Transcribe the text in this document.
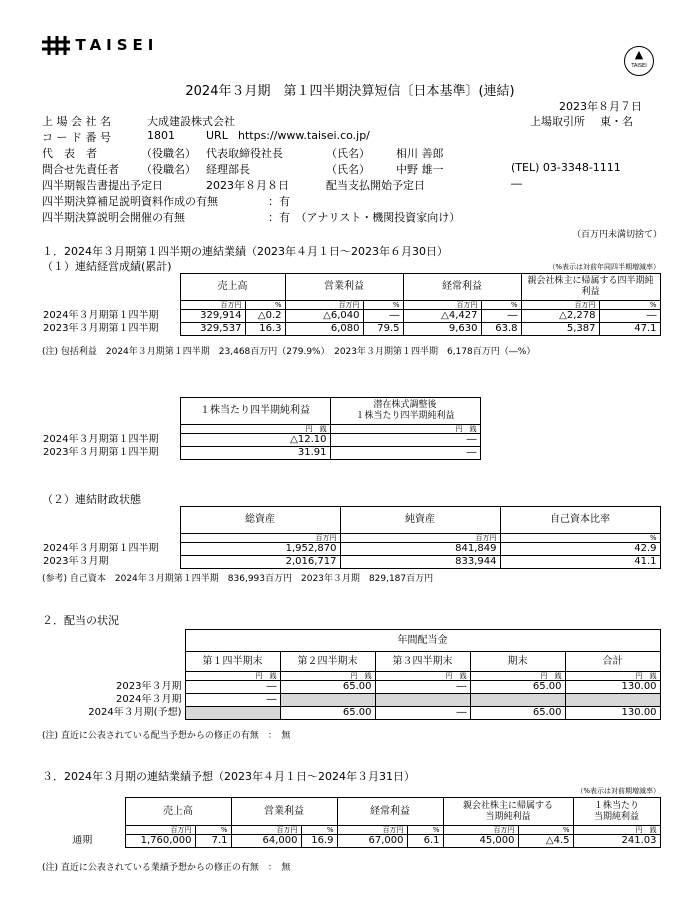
TAISEI
▲
TAISEI
2024年３月期　第１四半期決算短信〔日本基準〕(連結)
2023年８月７日
上 場 会 社 名	大成建設株式会社	上場取引所 東・名
コ ー ド 番 号	1801	URL https://www.taisei.co.jp/
代　表　者	（役職名） 代表取締役社長	（氏名） 相川 善郎
問合せ先責任者 （役職名） 経理部長	（氏名） 中野 雄一	(TEL) 03-3348-1111
四半期報告書提出予定日	2023年８月８日	配当支払開始予定日	―
四半期決算補足説明資料作成の有無	：有
四半期決算説明会開催の有無	：有　（アナリスト・機関投資家向け）
（百万円未満切捨て）
１．2024年３月期第１四半期の連結業績（2023年４月１日～2023年６月30日）
（１）連結経営成績(累計)	（%表示は対前年同四半期増減率）
	売上高		営業利益		経常利益		親会社株主に帰属する四半期純利益	
	百万円	%	百万円	%	百万円	%	百万円	%
2024年３月期第１四半期	329,914	△0.2	△6,040	―	△4,427	―	△2,278	―
2023年３月期第１四半期	329,537	16.3	6,080	79.5	9,630	63.8	5,387	47.1
(注) 包括利益　2024年３月期第１四半期　23,468百万円（279.9%）　2023年３月期第１四半期　6,178百万円（―%）
	１株当たり四半期純利益	潜在株式調整後
１株当たり四半期純利益
	円　銭	円　銭
2024年３月期第１四半期	△12.10	―
2023年３月期第１四半期	31.91	―
（２）連結財政状態
	総資産	純資産	自己資本比率
	百万円	百万円	%
2024年３月期第１四半期	1,952,870	841,849	42.9
2023年３月期	2,016,717	833,944	41.1
(参考) 自己資本　2024年３月期第１四半期　836,993百万円　2023年３月期　829,187百万円
２．配当の状況
	年間配当金				
	第１四半期末	第２四半期末	第３四半期末	期末	合計
	円　銭	円　銭	円　銭	円　銭	円　銭
2023年３月期	―	65.00	―	65.00	130.00
2024年３月期	―				
2024年３月期(予想)		65.00	―	65.00	130.00
(注) 直近に公表されている配当予想からの修正の有無　：　無
３．2024年３月期の連結業績予想（2023年４月１日～2024年３月31日）
（%表示は対前期増減率）
	売上高		営業利益		経常利益		親会社株主に帰属する
当期純利益		１株当たり
当期純利益
	百万円	%	百万円	%	百万円	%	百万円	%	円　銭
通期	1,760,000	7.1	64,000	16.9	67,000	6.1	45,000	△4.5	241.03
(注) 直近に公表されている業績予想からの修正の有無　：　無
